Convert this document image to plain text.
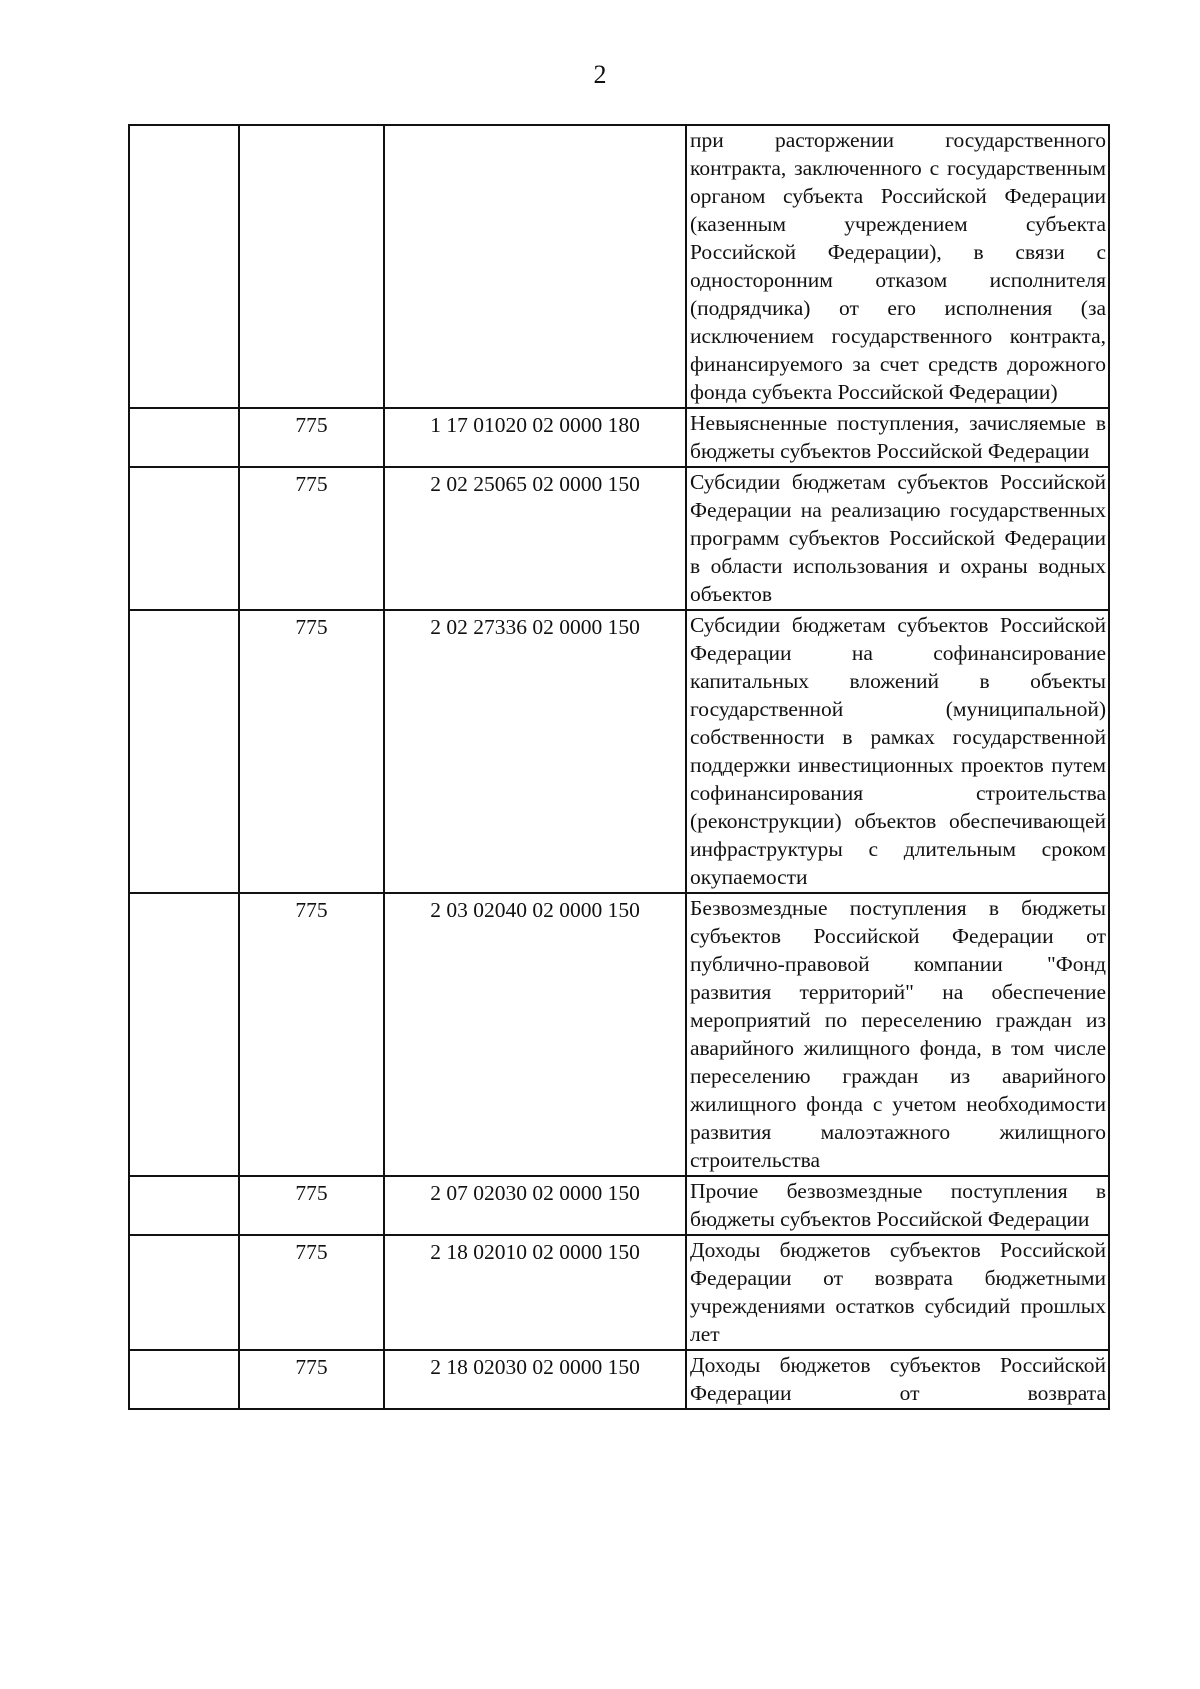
2
			при расторжении государственного контракта, заключенного с государственным органом субъекта Российской Федерации (казенным учреждением субъекта Российской Федерации), в связи с односторонним отказом исполнителя (подрядчика) от его исполнения (за исключением государственного контракта, финансируемого за счет средств дорожного фонда субъекта Российской Федерации)
	775	1 17 01020 02 0000 180	Невыясненные поступления, зачисляемые в бюджеты субъектов Российской Федерации
	775	2 02 25065 02 0000 150	Субсидии бюджетам субъектов Российской Федерации на реализацию государственных программ субъектов Российской Федерации в области использования и охраны водных объектов
	775	2 02 27336 02 0000 150	Субсидии бюджетам субъектов Российской Федерации на софинансирование капитальных вложений в объекты государственной (муниципальной) собственности в рамках государственной поддержки инвестиционных проектов путем софинансирования строительства (реконструкции) объектов обеспечивающей инфраструктуры с длительным сроком окупаемости
	775	2 03 02040 02 0000 150	Безвозмездные поступления в бюджеты субъектов Российской Федерации от публично-правовой компании "Фонд развития территорий" на обеспечение мероприятий по переселению граждан из аварийного жилищного фонда, в том числе переселению граждан из аварийного жилищного фонда с учетом необходимости развития малоэтажного жилищного строительства
	775	2 07 02030 02 0000 150	Прочие безвозмездные поступления в бюджеты субъектов Российской Федерации
	775	2 18 02010 02 0000 150	Доходы бюджетов субъектов Российской Федерации от возврата бюджетными учреждениями остатков субсидий прошлых лет
	775	2 18 02030 02 0000 150	Доходы бюджетов субъектов Российской Федерации от возврата
